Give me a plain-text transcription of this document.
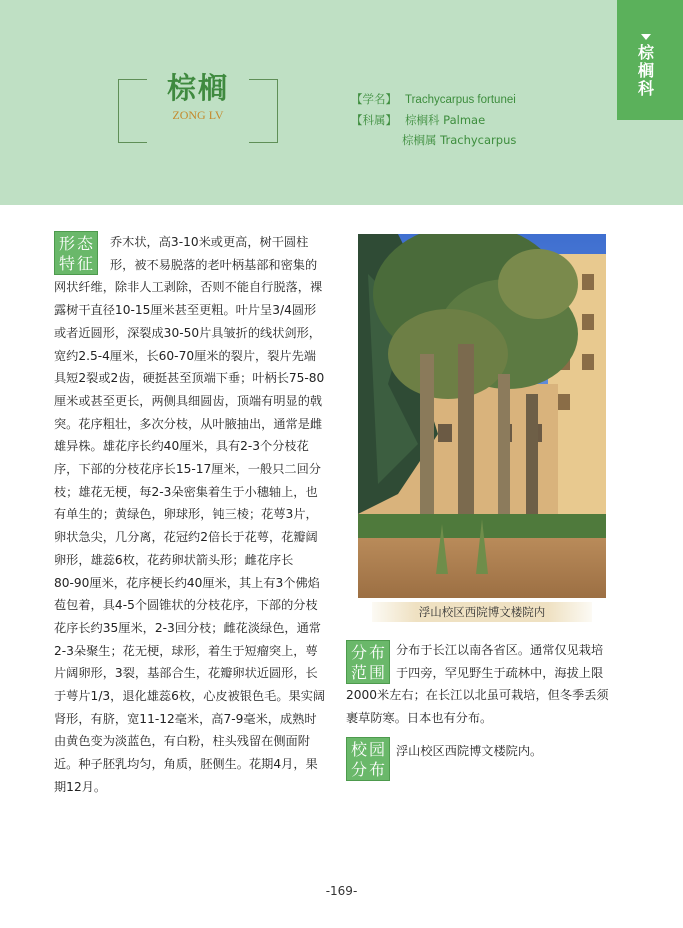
棕榈
ZONG LV
【学名】 Trachycarpus fortunei
【科属】 棕榈科 Palmae
棕榈属 Trachycarpus
棕榈科
形态
特征
乔木状，高3-10米或更高，树干圆柱
形，被不易脱落的老叶柄基部和密集的
网状纤维，除非人工剥除，否则不能自行脱落，裸
露树干直径10-15厘米甚至更粗。叶片呈3/4圆形
或者近圆形，深裂成30-50片具皱折的线状剑形，
宽约2.5-4厘米，长60-70厘米的裂片，裂片先端
具短2裂或2齿，硬挺甚至顶端下垂；叶柄长75-80
厘米或甚至更长，两侧具细圆齿，顶端有明显的戟
突。花序粗壮，多次分枝，从叶腋抽出，通常是雌
雄异株。雄花序长约40厘米，具有2-3个分枝花
序，下部的分枝花序长15-17厘米，一般只二回分
枝；雄花无梗，每2-3朵密集着生于小穗轴上，也
有单生的；黄绿色，卵球形，钝三棱；花萼3片，
卵状急尖，几分离，花冠约2倍长于花萼，花瓣阔
卵形，雄蕊6枚，花药卵状箭头形；雌花序长
80-90厘米，花序梗长约40厘米，其上有3个佛焰
苞包着，具4-5个圆锥状的分枝花序，下部的分枝
花序长约35厘米，2-3回分枝；雌花淡绿色，通常
2-3朵聚生；花无梗，球形，着生于短瘤突上，萼
片阔卵形，3裂，基部合生，花瓣卵状近圆形，长
于萼片1/3，退化雄蕊6枚，心皮被银色毛。果实阔
肾形，有脐，宽11-12毫米，高7-9毫米，成熟时
由黄色变为淡蓝色，有白粉，柱头残留在侧面附
近。种子胚乳均匀，角质，胚侧生。花期4月，果
期12月。
浮山校区西院博文楼院内
分布
范围
分布于长江以南各省区。通常仅见栽培
于四旁，罕见野生于疏林中，海拔上限
2000米左右；在长江以北虽可栽培，但冬季丢须
裹草防寒。日本也有分布。
校园
分布
浮山校区西院博文楼院内。
-169-
